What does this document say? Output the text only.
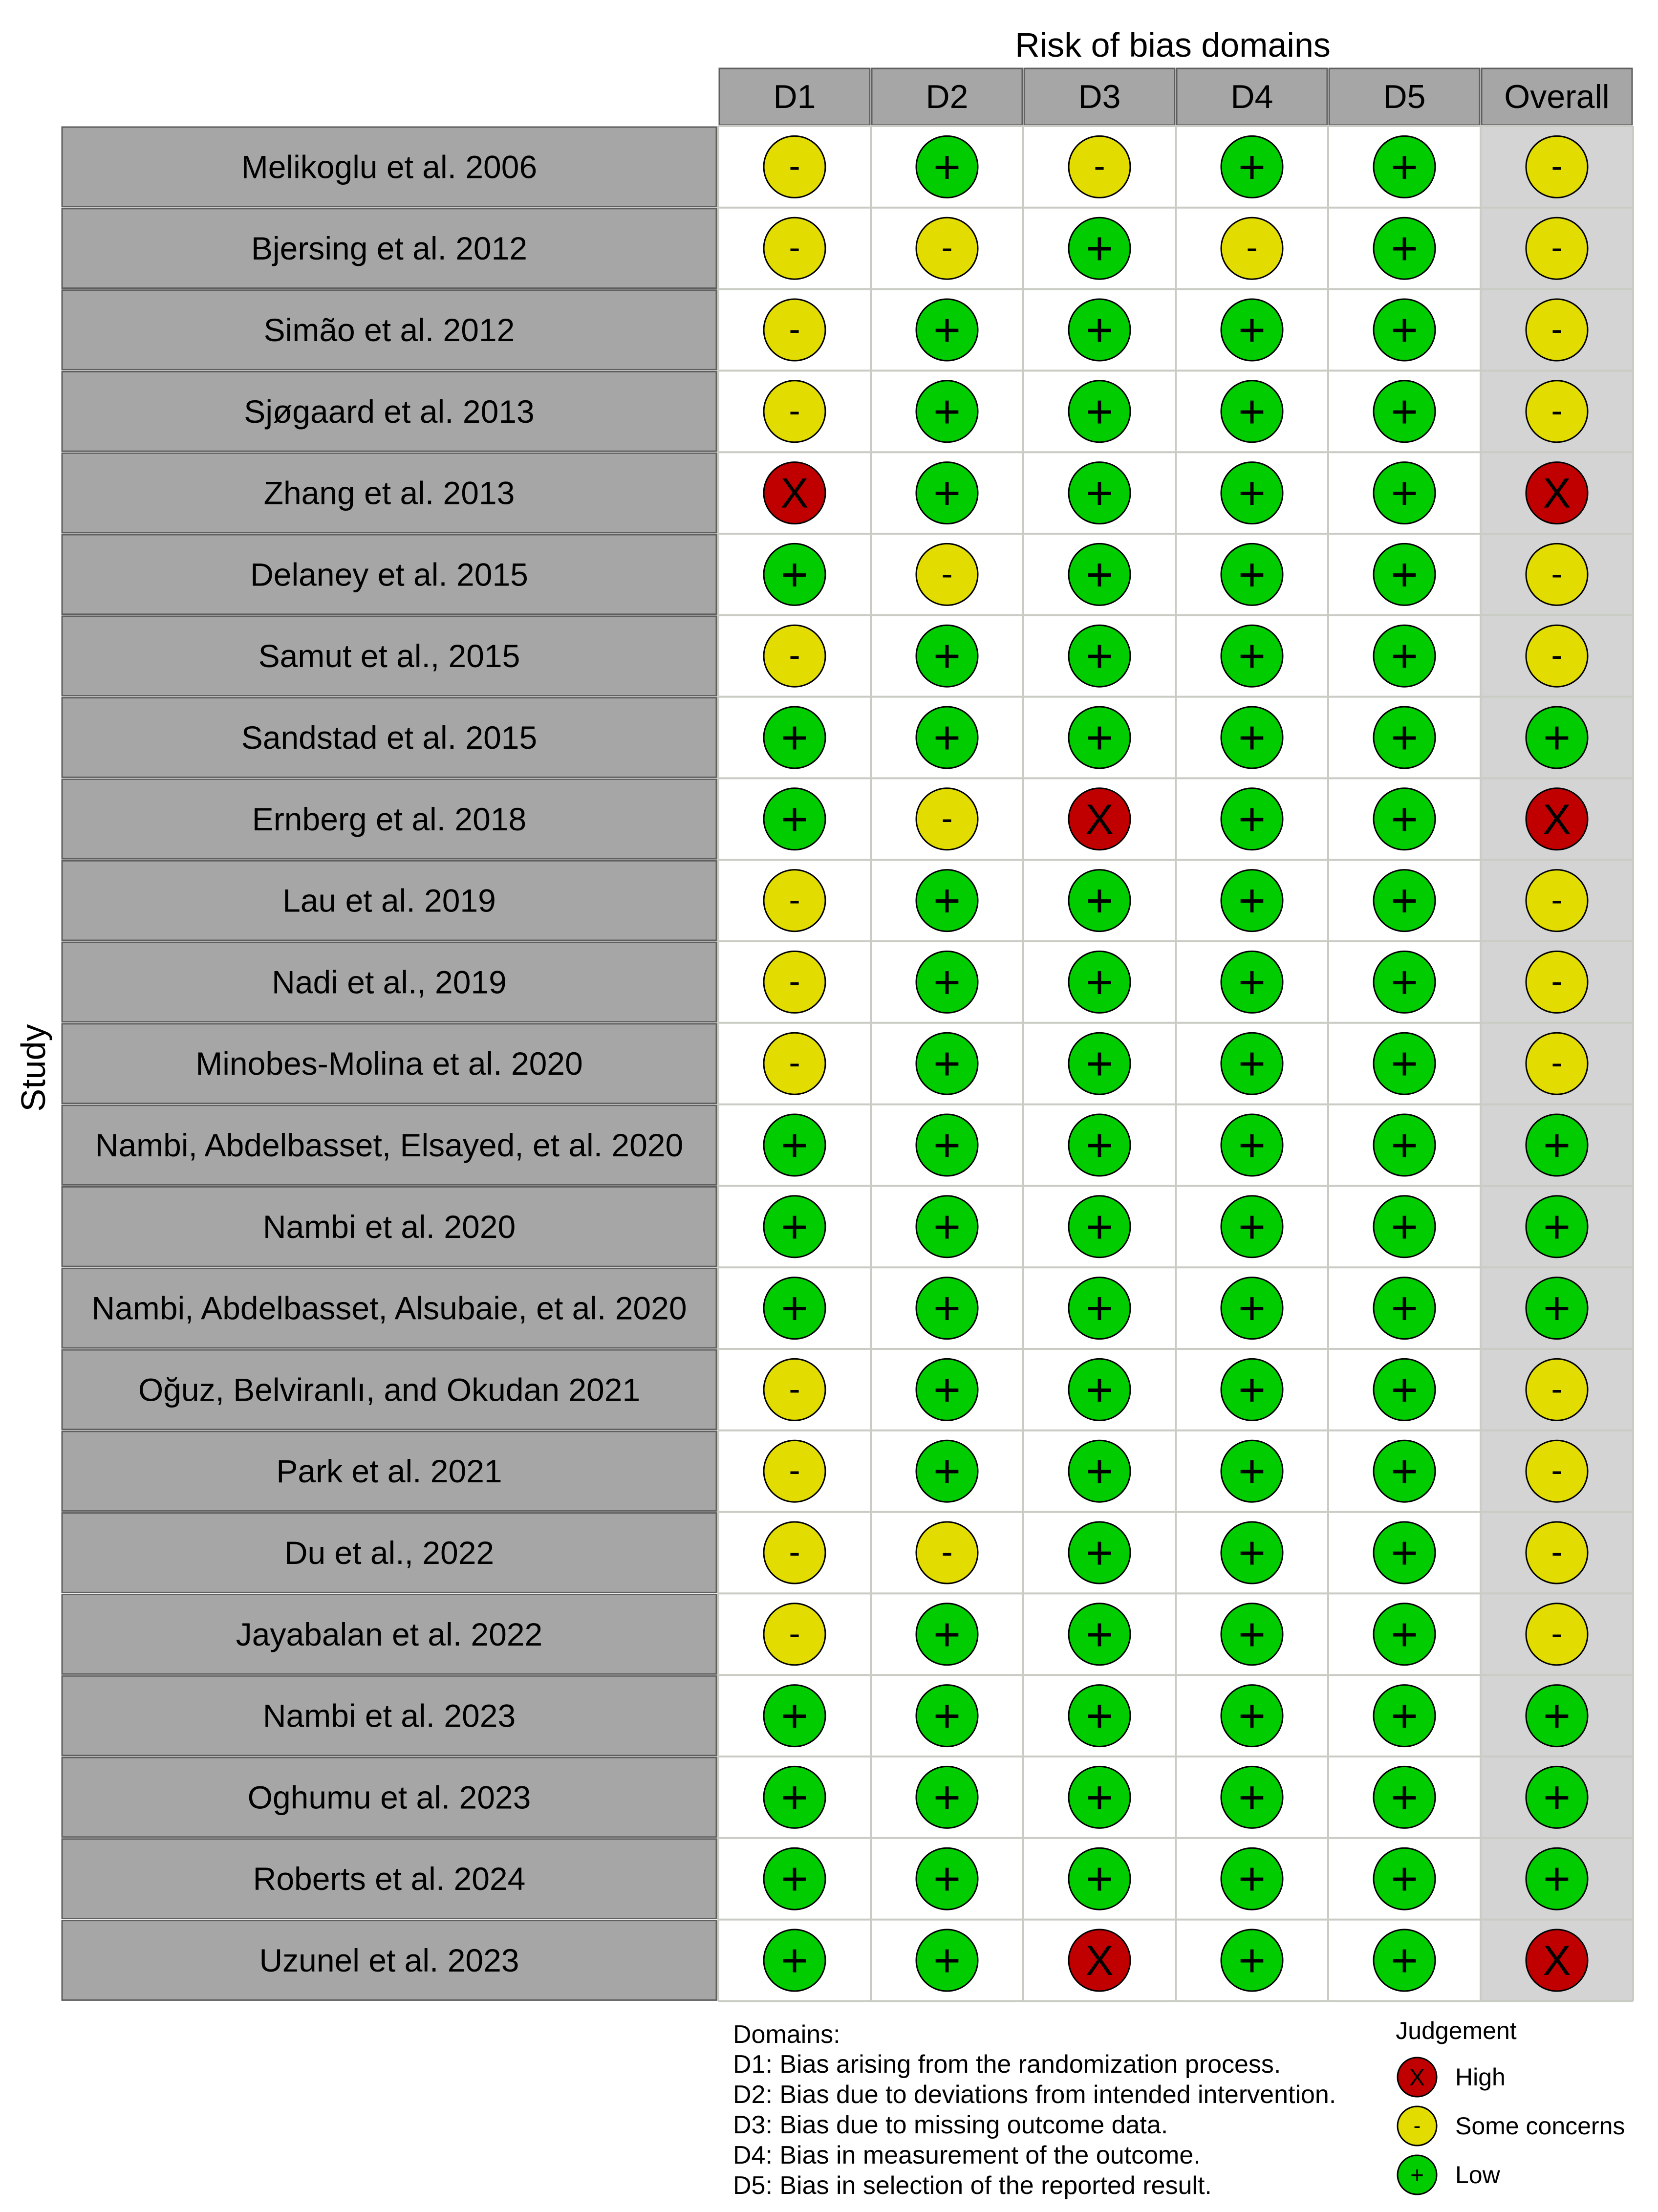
Risk of bias domains
Study
D1	D2	D3	D4	D5 Overall
Melikoglu et al. 2006	-	+	-	+	+	-
Bjersing et al. 2012	-	-	+	-	+	-
Simão et al. 2012	-	+	+	+	+	-
Sjøgaard et al. 2013	-	+	+	+	+	-
Zhang et al. 2013	X	+	+	+	+	X
Delaney et al. 2015	+	-	+	+	+	-
Samut et al., 2015	-	+	+	+	+	-
Sandstad et al. 2015	+	+	+	+	+	+
Ernberg et al. 2018	+	-	X	+	+	X
Lau et al. 2019	-	+	+	+	+	-
Nadi et al., 2019	-	+	+	+	+	-
Minobes-Molina et al. 2020	-	+	+	+	+	-
Nambi, Abdelbasset, Elsayed, et al. 2020 +	+	+	+	+	+
Nambi et al. 2020	+	+	+	+	+	+
Nambi, Abdelbasset, Alsubaie, et al. 2020 +	+	+	+	+	+
Oğuz, Belviranlı, and Okudan 2021	-	+	+	+	+	-
Park et al. 2021	-	+	+	+	+	-
Du et al., 2022	-	-	+	+	+	-
Jayabalan et al. 2022	-	+	+	+	+	-
Nambi et al. 2023	+	+	+	+	+	+
Oghumu et al. 2023	+	+	+	+	+	+
Roberts et al. 2024	+	+	+	+	+	+
Uzunel et al. 2023	+	+	X	+	+	X
Domains:
D1: Bias arising from the randomization process.
D2: Bias due to deviations from intended intervention.
D3: Bias due to missing outcome data.
D4: Bias in measurement of the outcome.
D5: Bias in selection of the reported result.
Judgement
X High
- Some concerns
+ Low
